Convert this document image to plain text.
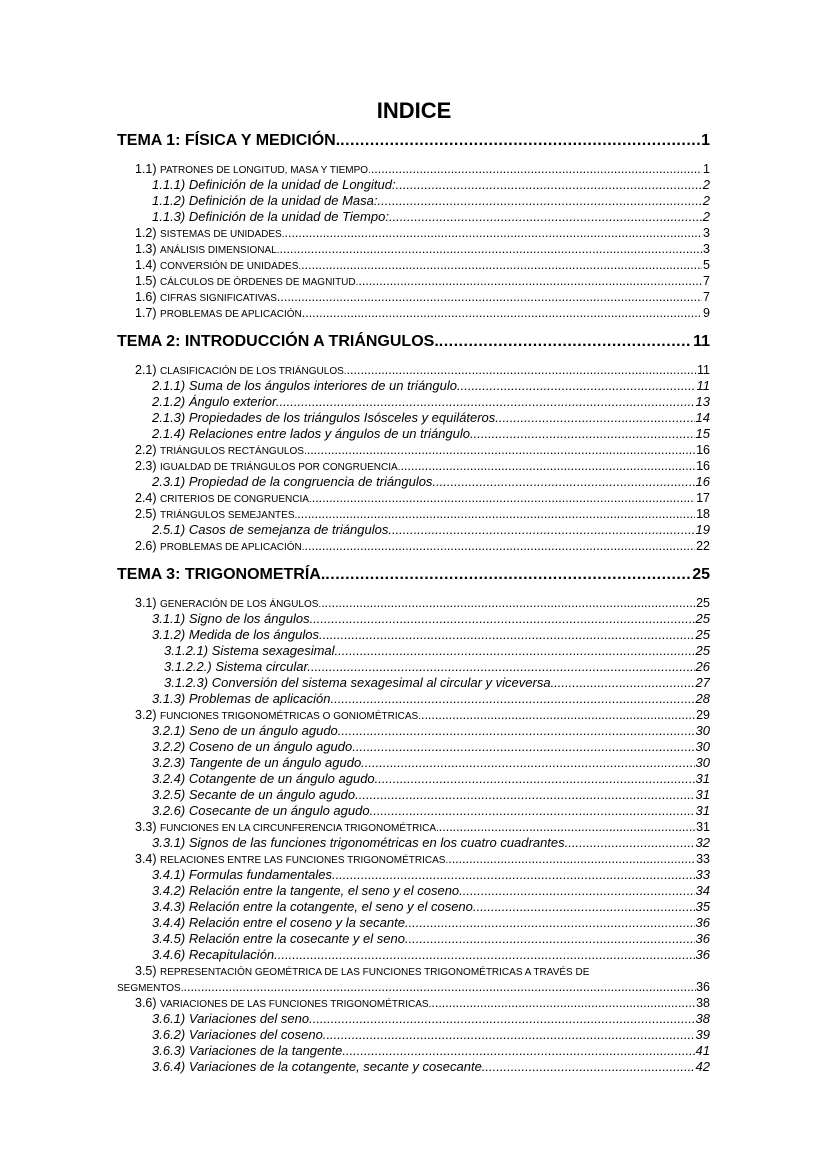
INDICE
TEMA 1: FÍSICA Y MEDICIÓN. .....	1
1.1) PATRONES DE LONGITUD, MASA Y TIEMPO. .....	1
1.1.1) Definición de la unidad de Longitud: .....	2
1.1.2) Definición de la unidad de Masa: .....	2
1.1.3) Definición de la unidad de Tiempo: .....	2
1.2) SISTEMAS DE UNIDADES. .....	3
1.3) ANÁLISIS DIMENSIONAL. .....	3
1.4) CONVERSIÓN DE UNIDADES. .....	5
1.5) CÁLCULOS DE ÓRDENES DE MAGNITUD. .....	7
1.6) CIFRAS SIGNIFICATIVAS .....	7
1.7) PROBLEMAS DE APLICACIÓN .....	9
TEMA 2: INTRODUCCIÓN A TRIÁNGULOS. .....	11
2.1) CLASIFICACIÓN DE LOS TRIÁNGULOS. .....	11
2.1.1) Suma de los ángulos interiores de un triángulo. .....	11
2.1.2) Ángulo exterior. .....	13
2.1.3) Propiedades de los triángulos Isósceles y equiláteros. .....	14
2.1.4) Relaciones entre lados y ángulos de un triángulo .....	15
2.2) TRIÁNGULOS RECTÁNGULOS. .....	16
2.3) IGUALDAD DE TRIÁNGULOS POR CONGRUENCIA. .....	16
2.3.1) Propiedad de la congruencia de triángulos. .....	16
2.4) CRITERIOS DE CONGRUENCIA. .....	17
2.5) TRIÁNGULOS SEMEJANTES. .....	18
2.5.1) Casos de semejanza de triángulos. .....	19
2.6) PROBLEMAS DE APLICACIÓN. .....	22
TEMA 3: TRIGONOMETRÍA. .....	25
3.1) GENERACIÓN DE LOS ÁNGULOS. .....	25
3.1.1) Signo de los ángulos. .....	25
3.1.2) Medida de los ángulos. .....	25
3.1.2.1) Sistema sexagesimal. .....	25
3.1.2.2.) Sistema circular. .....	26
3.1.2.3) Conversión del sistema sexagesimal al circular y viceversa. .....	27
3.1.3) Problemas de aplicación. .....	28
3.2) FUNCIONES TRIGONOMÉTRICAS O GONIOMÉTRICAS. .....	29
3.2.1) Seno de un ángulo agudo. .....	30
3.2.2) Coseno de un ángulo agudo. .....	30
3.2.3) Tangente de un ángulo agudo. .....	30
3.2.4) Cotangente de un ángulo agudo. .....	31
3.2.5) Secante de un ángulo agudo. .....	31
3.2.6) Cosecante de un ángulo agudo. .....	31
3.3) FUNCIONES EN LA CIRCUNFERENCIA TRIGONOMÉTRICA. .....	31
3.3.1) Signos de las funciones trigonométricas en los cuatro cuadrantes. .....	32
3.4) RELACIONES ENTRE LAS FUNCIONES TRIGONOMÉTRICAS. .....	33
3.4.1) Formulas fundamentales. .....	33
3.4.2) Relación entre la tangente, el seno y el coseno. .....	34
3.4.3) Relación entre la cotangente, el seno y el coseno. .....	35
3.4.4) Relación entre el coseno y la secante. .....	36
3.4.5) Relación entre la cosecante y el seno. .....	36
3.4.6) Recapitulación. .....	36
3.5) REPRESENTACIÓN GEOMÉTRICA DE LAS FUNCIONES TRIGONOMÉTRICAS A TRAVÉS DE
SEGMENTOS. .....	36
3.6) VARIACIONES DE LAS FUNCIONES TRIGONOMÉTRICAS. .....	38
3.6.1) Variaciones del seno. .....	38
3.6.2) Variaciones del coseno. .....	39
3.6.3) Variaciones de la tangente. .....	41
3.6.4) Variaciones de la cotangente, secante y cosecante. .....	42
